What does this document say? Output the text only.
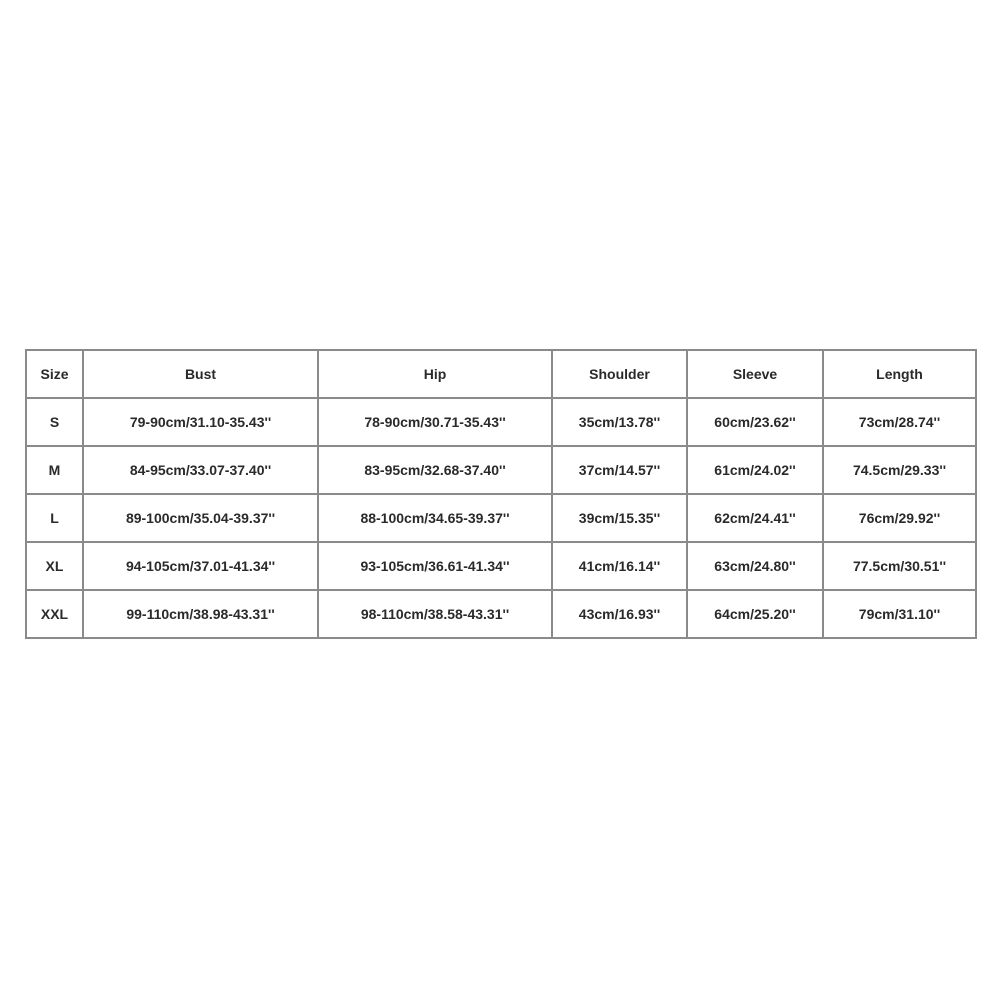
Size	Bust	Hip	Shoulder	Sleeve	Length
S	79-90cm/31.10-35.43''	78-90cm/30.71-35.43''	35cm/13.78''	60cm/23.62''	73cm/28.74''
M	84-95cm/33.07-37.40''	83-95cm/32.68-37.40''	37cm/14.57''	61cm/24.02''	74.5cm/29.33''
L	89-100cm/35.04-39.37''	88-100cm/34.65-39.37''	39cm/15.35''	62cm/24.41''	76cm/29.92''
XL	94-105cm/37.01-41.34''	93-105cm/36.61-41.34''	41cm/16.14''	63cm/24.80''	77.5cm/30.51''
XXL	99-110cm/38.98-43.31''	98-110cm/38.58-43.31''	43cm/16.93''	64cm/25.20''	79cm/31.10''
